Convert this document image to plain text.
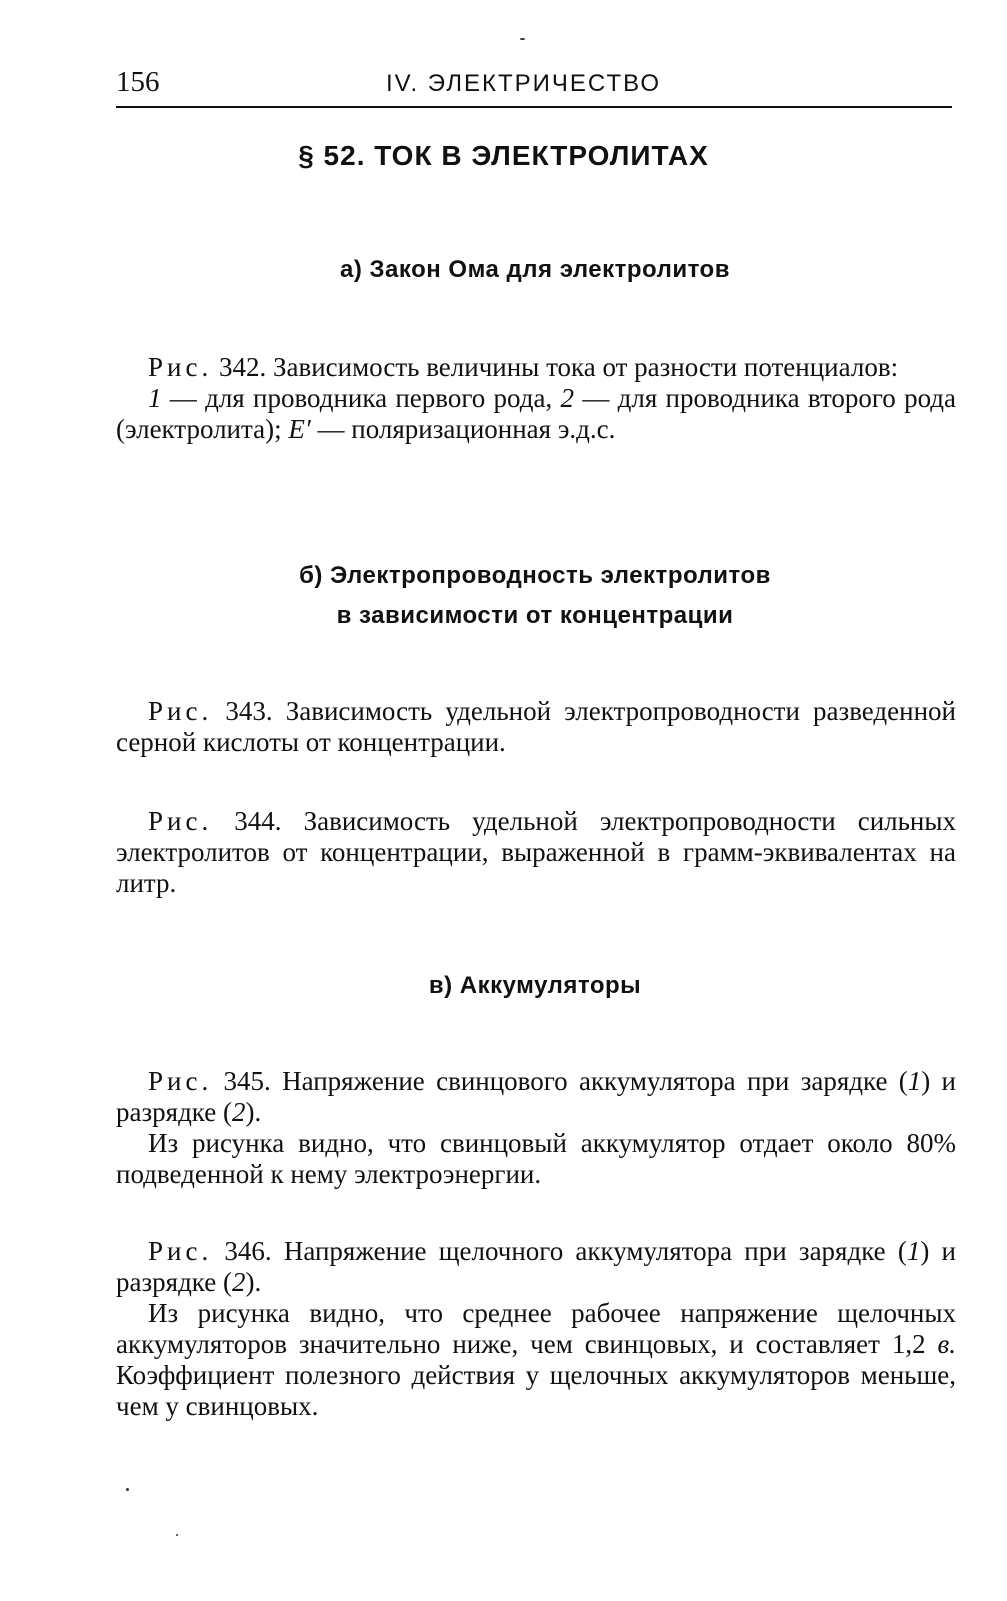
156	IV. ЭЛЕКТРИЧЕСТВО
§ 52. ТОК В ЭЛЕКТРОЛИТАХ
а) Закон Ома для электролитов

Рис. 342. Зависимость величины тока от разности потенциалов:

1 — для проводника первого рода, 2 — для проводника второго рода (электролита); E′ — поляризационная э.д.с.

б) Электропроводность электролитов
в зависимости от концентрации

Рис. 343. Зависимость удельной электропроводности разведенной серной кислоты от концентрации.

Рис. 344. Зависимость удельной электропроводности сильных электролитов от концентрации, выраженной в грамм-эквивалентах на литр.

в) Аккумуляторы

Рис. 345. Напряжение свинцового аккумулятора при зарядке (1) и разрядке (2).

Из рисунка видно, что свинцовый аккумулятор отдает около 80% подведенной к нему электроэнергии.

Рис. 346. Напряжение щелочного аккумулятора при зарядке (1) и разрядке (2).

Из рисунка видно, что среднее рабочее напряжение щелочных аккумуляторов значительно ниже, чем свинцовых, и составляет 1,2 в. Коэффициент полезного действия у щелочных аккумуляторов меньше, чем у свинцовых.
